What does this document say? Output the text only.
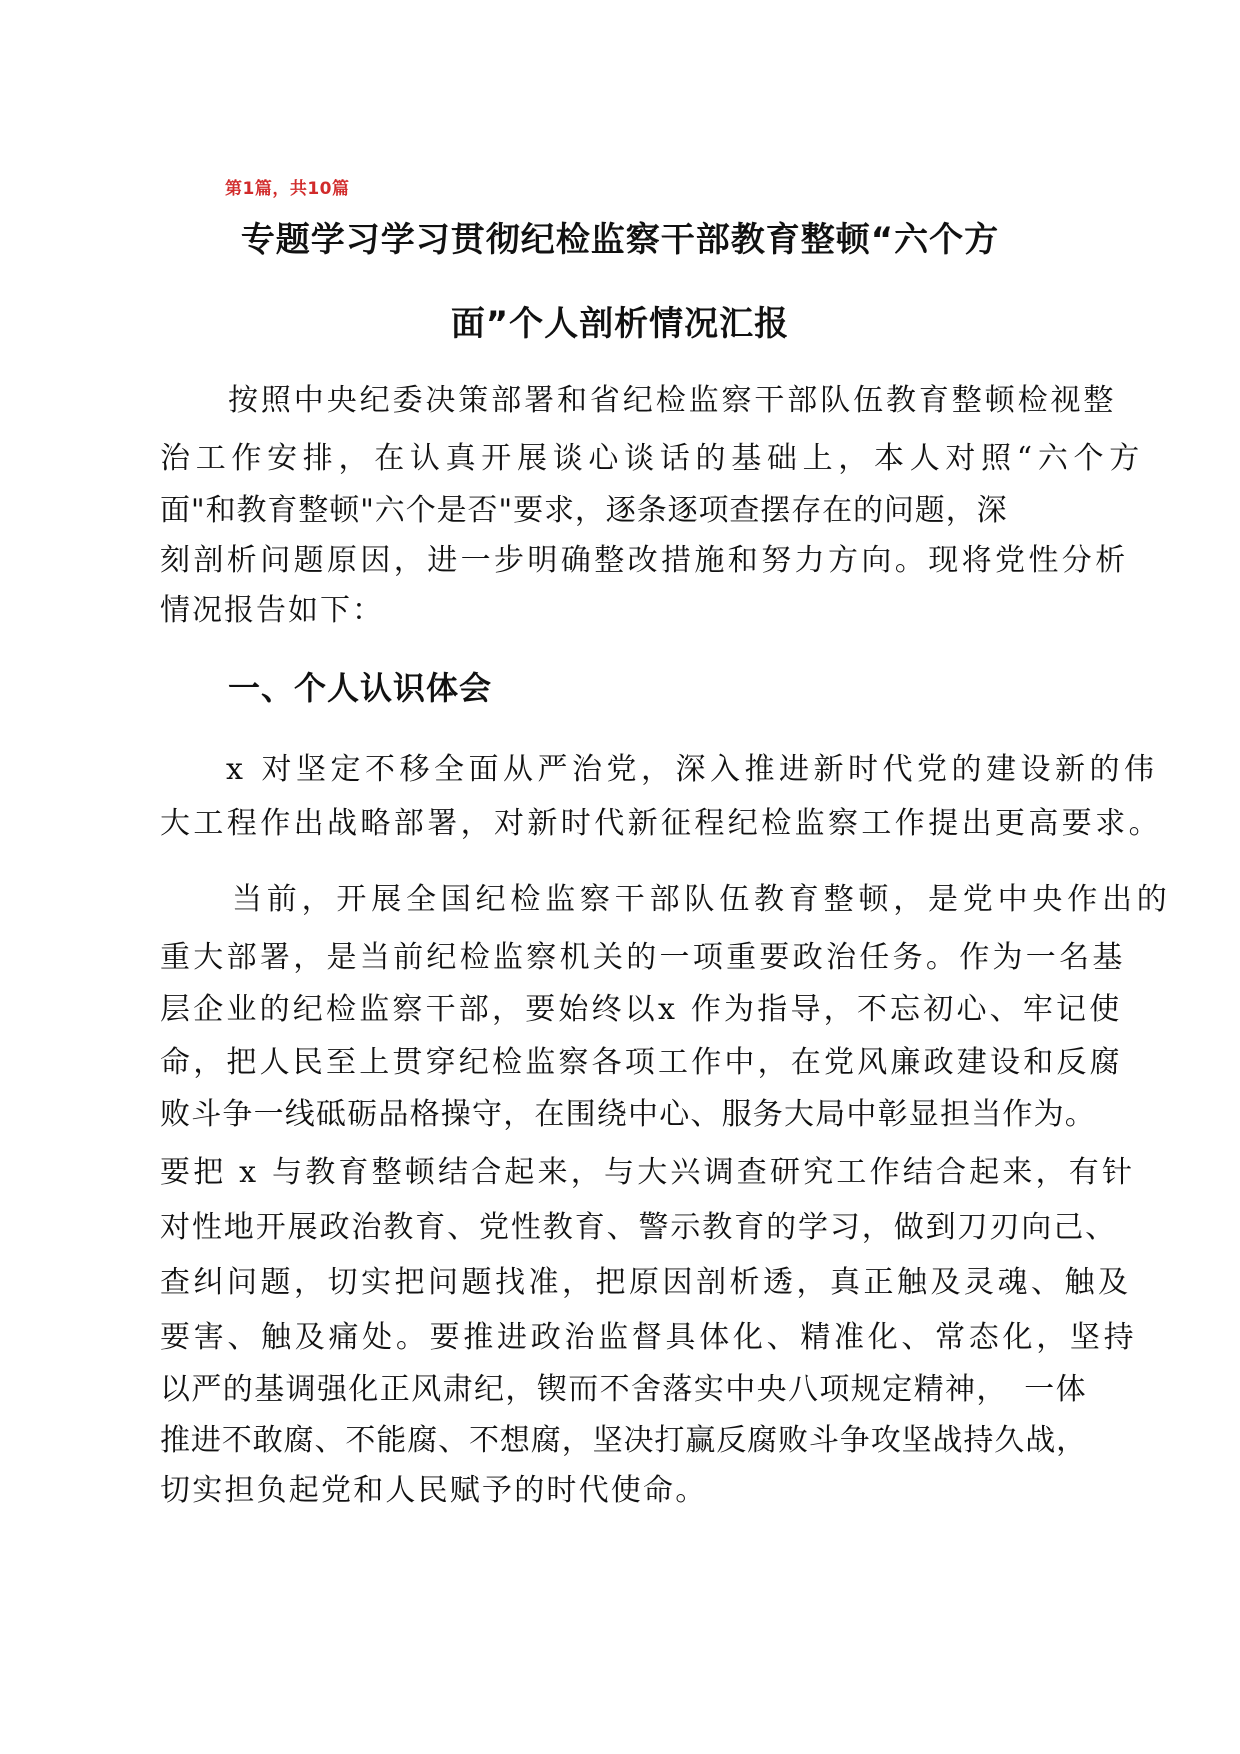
第1篇，共10篇
专题学习学习贯彻纪检监察干部教育整顿“六个方
面”个人剖析情况汇报
按照中央纪委决策部署和省纪检监察干部队伍教育整顿检视整
治工作安排，在认真开展谈心谈话的基础上，本人对照“六个方
面"和教育整顿"六个是否"要求，逐条逐项查摆存在的问题，深
刻剖析问题原因，进一步明确整改措施和努力方向。现将党性分析
情况报告如下：
一、个人认识体会
x 对坚定不移全面从严治党，深入推进新时代党的建设新的伟
大工程作出战略部署，对新时代新征程纪检监察工作提出更高要求。
当前，开展全国纪检监察干部队伍教育整顿，是党中央作出的
重大部署，是当前纪检监察机关的一项重要政治任务。作为一名基
层企业的纪检监察干部，要始终以x 作为指导，不忘初心、牢记使
命，把人民至上贯穿纪检监察各项工作中，在党风廉政建设和反腐
败斗争一线砥砺品格操守，在围绕中心、服务大局中彰显担当作为。
要把 x 与教育整顿结合起来，与大兴调查研究工作结合起来，有针
对性地开展政治教育、党性教育、警示教育的学习，做到刀刃向己、
查纠问题，切实把问题找准，把原因剖析透，真正触及灵魂、触及
要害、触及痛处。要推进政治监督具体化、精准化、常态化，坚持
以严的基调强化正风肃纪，锲而不舍落实中央八项规定精神，　一体
推进不敢腐、不能腐、不想腐，坚决打赢反腐败斗争攻坚战持久战，
切实担负起党和人民赋予的时代使命。
